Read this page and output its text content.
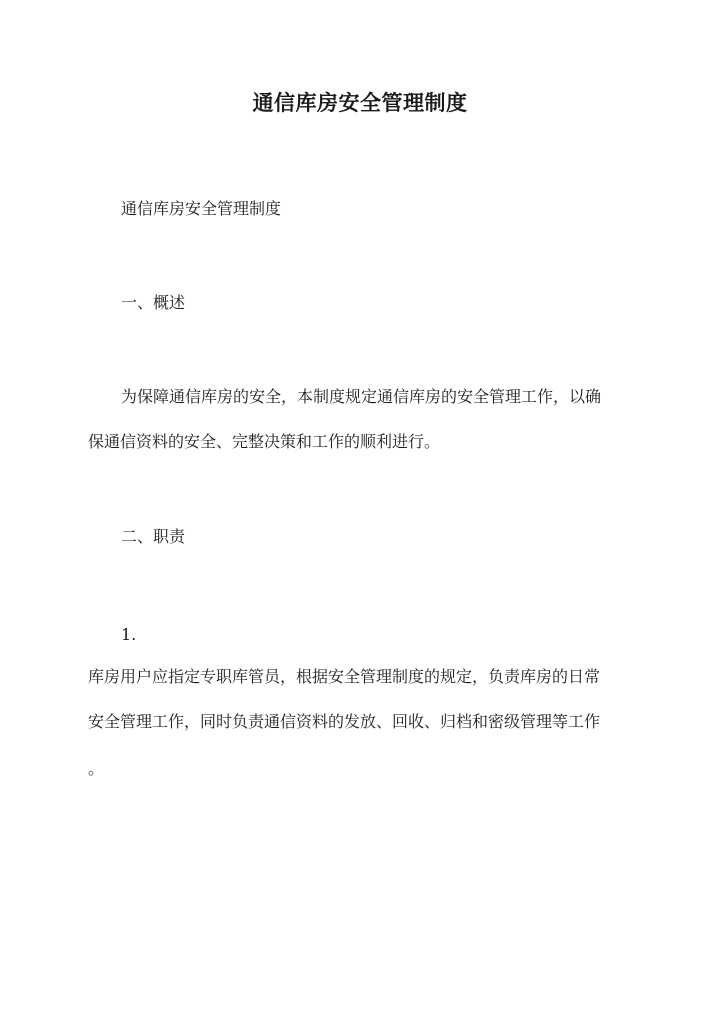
通信库房安全管理制度
通信库房安全管理制度
一、概述
为保障通信库房的安全，本制度规定通信库房的安全管理工作，以确
保通信资料的安全、完整决策和工作的顺利进行。
二、职责
1.
库房用户应指定专职库管员，根据安全管理制度的规定，负责库房的日常
安全管理工作，同时负责通信资料的发放、回收、归档和密级管理等工作
。
